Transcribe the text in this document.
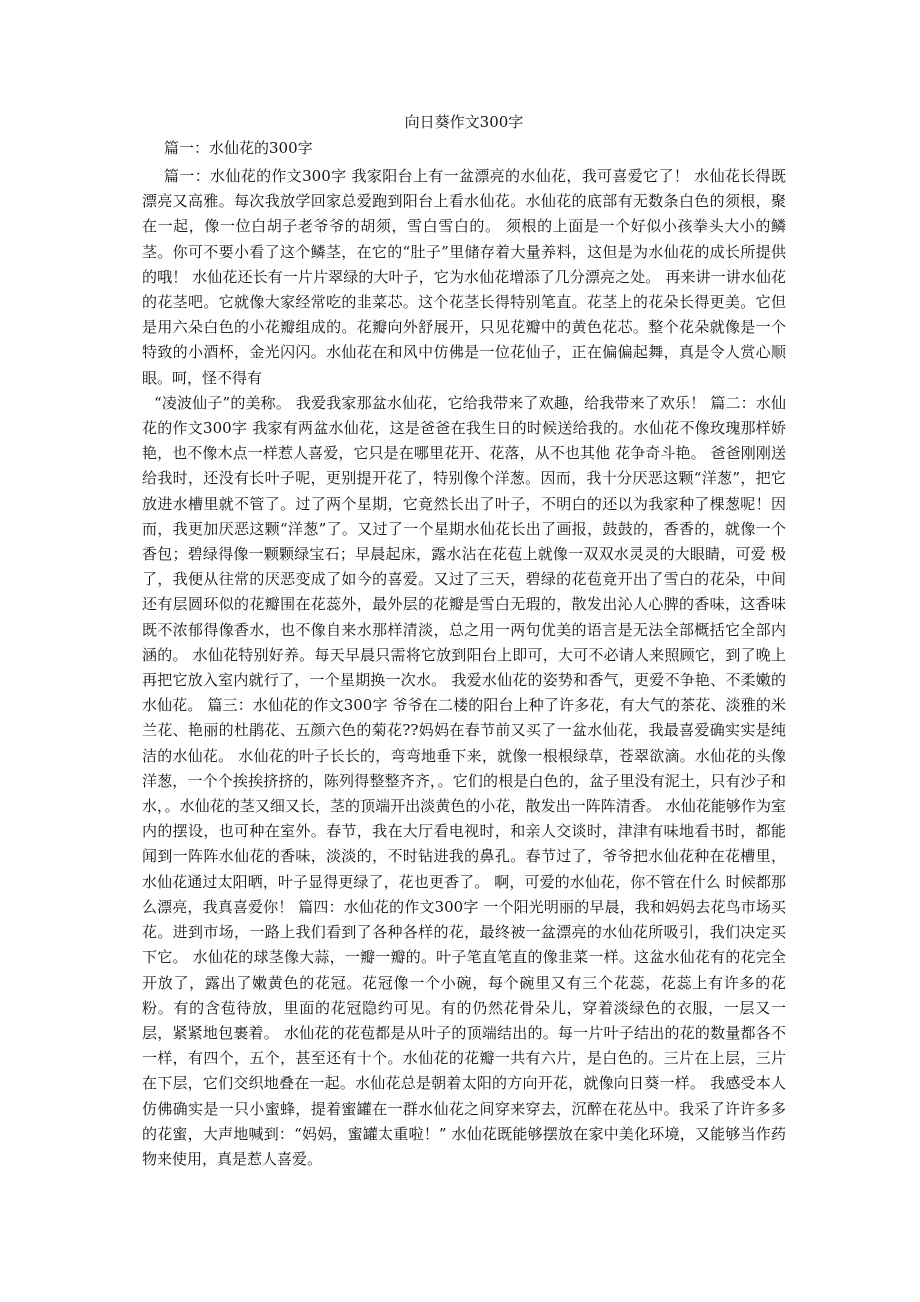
向日葵作文300字
篇一：水仙花的300字

篇一：水仙花的作文300字 我家阳台上有一盆漂亮的水仙花，我可喜爱它了！ 水仙花长得既漂亮又高雅。每次我放学回家总爱跑到阳台上看水仙花。水仙花的底部有无数条白色的须根，聚在一起，像一位白胡子老爷爷的胡须，雪白雪白的。 须根的上面是一个好似小孩拳头大小的鳞茎。你可不要小看了这个鳞茎，在它的“肚子”里储存着大量养料，这但是为水仙花的成长所提供的哦！ 水仙花还长有一片片翠绿的大叶子，它为水仙花增添了几分漂亮之处。 再来讲一讲水仙花的花茎吧。它就像大家经常吃的韭菜芯。这个花茎长得特别笔直。花茎上的花朵长得更美。它但是用六朵白色的小花瓣组成的。花瓣向外舒展开，只见花瓣中的黄色花芯。整个花朵就像是一个特致的小酒杯，金光闪闪。水仙花在和风中仿佛是一位花仙子，正在偏偏起舞，真是令人赏心顺眼。呵，怪不得有

“凌波仙子”的美称。 我爱我家那盆水仙花，它给我带来了欢趣，给我带来了欢乐！ 篇二：水仙花的作文300字 我家有两盆水仙花，这是爸爸在我生日的时候送给我的。水仙花不像玫瑰那样娇艳，也不像木点一样惹人喜爱，它只是在哪里花开、花落，从不也其他 花争奇斗艳。 爸爸刚刚送给我时，还没有长叶子呢，更别提开花了，特别像个洋葱。因而，我十分厌恶这颗“洋葱”，把它放进水槽里就不管了。过了两个星期，它竟然长出了叶子，不明白的还以为我家种了棵葱呢！因而，我更加厌恶这颗“洋葱”了。又过了一个星期水仙花长出了画报，鼓鼓的，香香的，就像一个香包；碧绿得像一颗颗绿宝石；早晨起床，露水沾在花苞上就像一双双水灵灵的大眼睛，可爱 极了，我便从往常的厌恶变成了如今的喜爱。又过了三天，碧绿的花苞竟开出了雪白的花朵，中间还有层圆环似的花瓣围在花蕊外，最外层的花瓣是雪白无瑕的，散发出沁人心脾的香味，这香味既不浓郁得像香水，也不像自来水那样清淡，总之用一两句优美的语言是无法全部概括它全部内涵的。 水仙花特别好养。每天早晨只需将它放到阳台上即可，大可不必请人来照顾它，到了晚上再把它放入室内就行了，一个星期换一次水。 我爱水仙花的姿势和香气，更爱不争艳、不柔嫩的水仙花。 篇三：水仙花的作文300字 爷爷在二楼的阳台上种了许多花，有大气的茶花、淡雅的米兰花、艳丽的杜鹃花、五颜六色的菊花??妈妈在春节前又买了一盆水仙花，我最喜爱确实实是纯洁的水仙花。 水仙花的叶子长长的，弯弯地垂下来，就像一根根绿草，苍翠欲滴。水仙花的头像洋葱，一个个挨挨挤挤的，陈列得整整齐齐，。它们的根是白色的，盆子里没有泥土，只有沙子和水，。水仙花的茎又细又长，茎的顶端开出淡黄色的小花，散发出一阵阵清香。 水仙花能够作为室内的摆设，也可种在室外。春节，我在大厅看电视时，和亲人交谈时，津津有味地看书时，都能闻到一阵阵水仙花的香味，淡淡的，不时钻进我的鼻孔。春节过了，爷爷把水仙花种在花槽里，水仙花通过太阳晒，叶子显得更绿了，花也更香了。 啊，可爱的水仙花，你不管在什么 时候都那么漂亮，我真喜爱你！ 篇四：水仙花的作文300字 一个阳光明丽的早晨，我和妈妈去花鸟市场买花。进到市场，一路上我们看到了各种各样的花，最终被一盆漂亮的水仙花所吸引，我们决定买下它。 水仙花的球茎像大蒜，一瓣一瓣的。叶子笔直笔直的像韭菜一样。这盆水仙花有的花完全开放了，露出了嫩黄色的花冠。花冠像一个小碗，每个碗里又有三个花蕊，花蕊上有许多的花粉。有的含苞待放，里面的花冠隐约可见。有的仍然花骨朵儿，穿着淡绿色的衣服，一层又一层，紧紧地包裹着。 水仙花的花苞都是从叶子的顶端结出的。每一片叶子结出的花的数量都各不一样，有四个，五个，甚至还有十个。水仙花的花瓣一共有六片，是白色的。三片在上层，三片在下层，它们交织地叠在一起。水仙花总是朝着太阳的方向开花，就像向日葵一样。 我感受本人仿佛确实是一只小蜜蜂，提着蜜罐在一群水仙花之间穿来穿去，沉醉在花丛中。我采了许许多多的花蜜，大声地喊到：“妈妈，蜜罐太重啦！” 水仙花既能够摆放在家中美化环境，又能够当作药物来使用，真是惹人喜爱。
